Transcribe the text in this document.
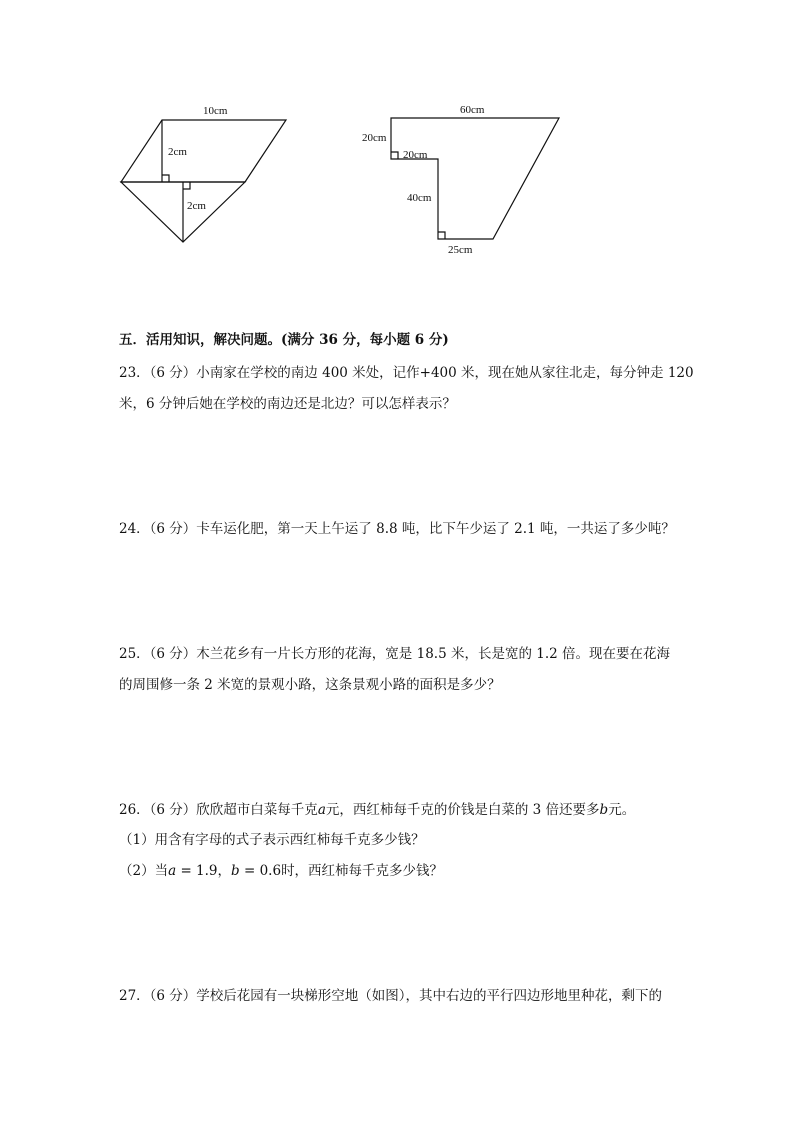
10cm
2cm
2cm
60cm
20cm
20cm
40cm
25cm
五．活用知识，解决问题。(满分 36 分，每小题 6 分)
23．（6 分）小南家在学校的南边 400 米处，记作+400 米，现在她从家往北走，每分钟走 120
米，6 分钟后她在学校的南边还是北边？可以怎样表示？
24．（6 分）卡车运化肥，第一天上午运了 8.8 吨，比下午少运了 2.1 吨，一共运了多少吨？
25．（6 分）木兰花乡有一片长方形的花海，宽是 18.5 米，长是宽的 1.2 倍。现在要在花海
的周围修一条 2 米宽的景观小路，这条景观小路的面积是多少？
26．（6 分）欣欣超市白菜每千克a元，西红柿每千克的价钱是白菜的 3 倍还要多b元。
（1）用含有字母的式子表示西红柿每千克多少钱？
（2）当a = 1.9，b = 0.6时，西红柿每千克多少钱？
27．（6 分）学校后花园有一块梯形空地（如图），其中右边的平行四边形地里种花，剩下的
